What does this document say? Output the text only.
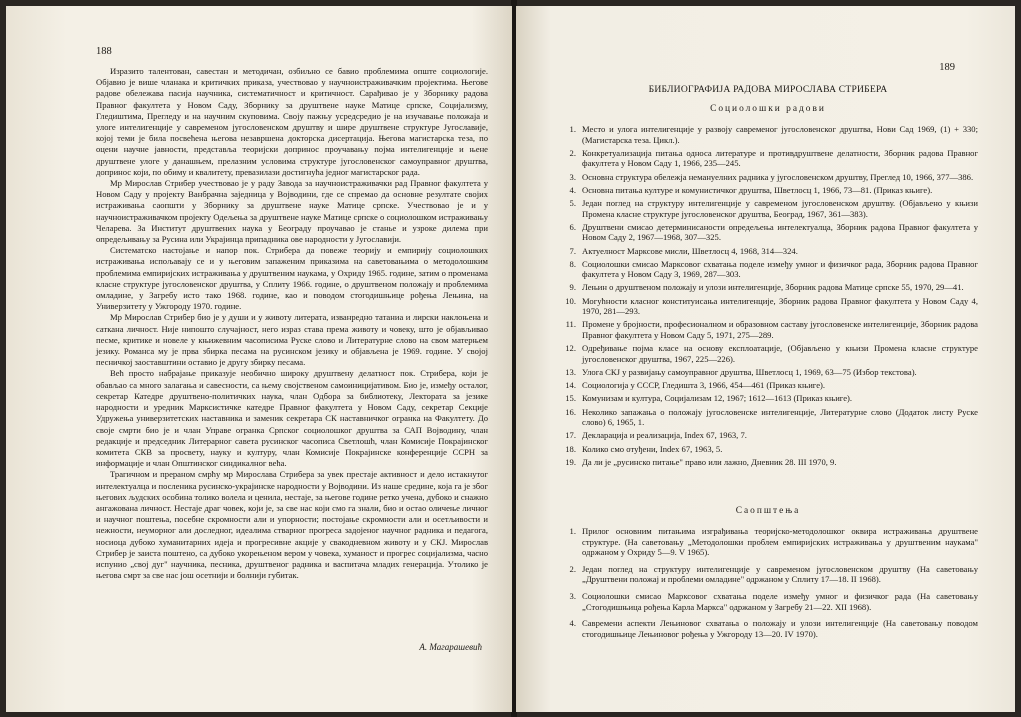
188

Изразито талентован, савестан и методичан, озбиљно се бавио проблемима опште социологије. Објавио је више чланака и критичких приказа, учествовао у научноистраживачким пројектима. Његове радове обележава пасија научника, систематичност и критичност. Сарађивао је у Зборнику радова Правног факултета у Новом Саду, Зборнику за друштвене науке Матице српске, Социјализму, Гледиштима, Прегледу и на научним скуповима. Своју пажњу усредсредио је на изучавање положаја и улоге интелигенције у савременом југословенском друштву и шире друштвене структуре Југославије, којој теми је била посвећена његова незавршена докторска дисертација. Његова магистарска теза, по оцени научне јавности, представља теоријски допринос проучавању појма интелигенције и њене друштвене улоге у данашњем, прелазним условима структуре југословенског самоуправног друштва, допринос који, по обиму и квалитету, превазилази достигнућа једног магистарског рада.

Мр Мирослав Стрибер учествовао је у раду Завода за научноистраживачки рад Правног факултета у Новом Саду у пројекту Ванбрачна заједница у Војводини, где се спремао да основне резултате својих истраживања саопшти у Зборнику за друштвене науке Матице српске. Учествовао је и у научноистраживачком пројекту Одељења за друштвене науке Матице српске о социолошком истраживању Челарева. За Институт друштвених наука у Београду проучавао је станье и узроке дилема при опредељивању за Русина или Украјинца припадника ове народности у Југославији.

Систематско настојање и напор пок. Стрибера да повеже теорију и емпирију социолошких истраживања испољавају се и у његовим запаженим приказима на саветовањима о методолошким проблемима емпиријских истраживања у друштвеним наукама, у Охриду 1965. године, затим о променама класне структуре југословенског друштва, у Сплиту 1966. године, о друштвеном положају и проблемима омладине, у Загребу исто тако 1968. године, као и поводом стогодишњице рођења Лењина, на Универзитету у Ужгороду 1970. године.

Мр Мирослав Стрибер био је у души и у животу литерата, изванредно татаниа и лирски наклоњена и сатканa личност. Није нипошто случајност, него израз става према животу и човеку, што је објављивао песме, критике и новеле у књижевним часописима Руске слово и Литературне слово на свом матерњем језику. Романса му је прва збирка песама на русинском језику и објављена је 1969. године. У својој песничкој заоставштини оставио је другу збирку песама.

Већ просто набрајање приказује необично широку друштвену делатност пок. Стрибера, који је обављао са много залагања и савесности, са њему својственом самоиницијативом. Био је, између осталог, секретар Катедре друштвено-политичких наука, члан Одбора за библиотеку, Лектората за језике народности и уредник Марксистичке катедре Правног факултета у Новом Саду, секретар Секције Удружења универзитетских наставника и заменик секретара СК наставничког огранка на Факултету. До своје смрти био је и члан Управе огранка Српског социолошког друштва за САП Војводину, члан редакције и председник Литерарног савета русинског часописа Светлошћ, члан Комисије Покрајинског комитета СКВ за просвету, науку и културу, члан Комисије Покрајинске конференције ССРН за информације и члан Општинског синдикалног већа.

Трагичном и прераном смрћу мр Мирослава Стрибера за увек престаје активност и дело истакнутог интелектуалца и посленика русинско-украјинске народности у Војводини. Из наше средине, која га је због његових људских особина толико волела и ценила, нестаје, за његове године ретко учена, дубоко и снажно ангажована личност. Нестаје драг човек, који је, за све нас који смо га знали, био и остао оличење личног и научног поштења, посебне скромности али и упорности; постојање скромности али и осетљивости и нежности, неуморног али доследног, идеалима стварног прогреса задојеног научног радника и педагога, носиоца дубоко хуманитарних идеја и прогресивне акције у свакодневном животу и у СКЈ. Мирослав Стрибер је заиста поштено, са дубоко укорењеном вером у човека, хуманост и прогрес социјализма, часно испунио „свој дуг" научника, песника, друштвеног радника и васпитача младих генерација. Утолико је његова смрт за све нас још осетнији и болнији губитак.

А. Магарашевић
189
БИБЛИОГРАФИЈА РАДОВА МИРОСЛАВА СТРИБЕРА
Социолошки радови
1. Место и улога интелигенције у развоју савременог југословенског друштва, Нови Сад 1969, (1) + 330; (Магистарска теза. Цикл.).
2. Конкретуализација питања односа литературе и противдруштвене делатности, Зборник радова Правног факултета у Новом Саду 1, 1966, 235—245.
3. Основна структура обележја немануелних радника у југословенском друштву, Преглед 10, 1966, 377—386.
4. Основна питања културе и комунистичког друштва, Шветлосц 1, 1966, 73—81. (Приказ књиге).
5. Један поглед на структуру интелигенције у савременом југословенском друштву. (Објављено у књизи Промена класне структуре југословенског друштва, Београд, 1967, 361—383).
6. Друштвени смисао детерминисаности опредељења интелектуалца, Зборник радова Правног факултета у Новом Саду 2, 1967—1968, 307—325.
7. Актуелност Марксове мисли, Шветлосц 4, 1968, 314—324.
8. Социолошки смисао Марксовог схватања поделе између умног и физичког рада, Зборник радова Правног факултета у Новом Саду 3, 1969, 287—303.
9. Лењин о друштвеном положају и улози интелигенције, Зборник радова Матице српске 55, 1970, 29—41.
10. Могућности класног конституисања интелигенције, Зборник радова Правног факултета у Новом Саду 4, 1970, 281—293.
11. Промене у бројности, професионалном и образовном саставу југословенске интелигенције, Зборник радова Правног факултета у Новом Саду 5, 1971, 275—289.
12. Одређивање појма класе на основу експлоатације, (Објављено у књизи Промена класне структуре југословенског друштва, 1967, 225—226).
13. Улога СКЈ у развијању самоуправног друштва, Шветлосц 1, 1969, 63—75 (Избор текстова).
14. Социологија у СССР, Гледишта 3, 1966, 454—461 (Приказ књиге).
15. Комунизам и култура, Социјализам 12, 1967; 1612—1613 (Приказ књиге).
16. Неколико запажања о положају југословенске интелигенције, Литературне слово (Додаток листу Руске слово) 6, 1965, 1.
17. Декларација и реализација, Index 67, 1963, 7.
18. Колико смо отуђени, Index 67, 1963, 5.
19. Да ли је „русинско питање" право или лажно, Дневник 28. III 1970, 9.
Саопштења
1. Прилог основним питањима изграђивања теоријско-методолошког оквира истраживања друштвене структуре. (На саветовању „Методолошки проблем емпиријских истраживања у друштвеним наукама" одржаном у Охриду 5—9. V 1965).
2. Један поглед на структуру интелигенције у савременом југословенском друштву (На саветовању „Друштвени положај и проблеми омладине" одржаном у Сплиту 17—18. II 1968).
3. Социолошки смисао Марксовог схватања поделе између умног и физичког рада (На саветовању „Стогодишњица рођења Карла Маркса" одржаном у Загребу 21—22. XII 1968).
4. Савремени аспекти Лењиновог схватања о положају и улози интелигенције (На саветовању поводом стогодишњице Лењиновог рођења у Ужгороду 13—20. IV 1970).
